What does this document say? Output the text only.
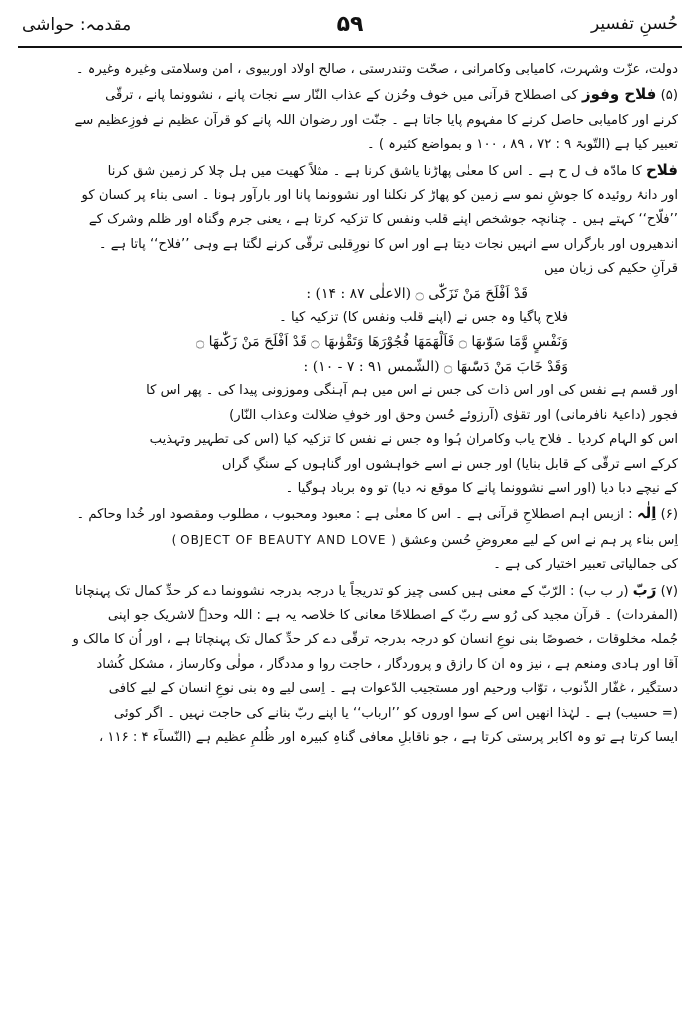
حُسنِ تفسیر
۵۹
مقدمہ: حواشی

دولت، عزّت وشہرت، کامیابی وکامرانی ، صحّت وتندرستی ، صالح اولاد اوربیوی ، امن وسلامتی وغیرہ وغیرہ ۔

(۵) فلاح وفوز کی اصطلاح قرآنی میں خوف وحُزن کے عذاب النّار سے نجات پانے ، نشوونما پانے ، ترقّی

کرنے اور کامیابی حاصل کرنے کا مفہوم پایا جاتا ہے ۔ جنّت اور رضوان اللہ پانے کو قرآن عظیم نے فوزِعظیم سے

تعبیر کیا ہے (التّوبۃ ۹ : ۷۲ ، ۸۹ ، ۱۰۰ و بمواضع کثیرہ ) ۔

فلاح کا مادّہ ف ل ح ہے ۔ اس کا معنٰی پھاڑنا یاشق کرنا ہے ۔ مثلاً کھیت میں ہل چلا کر زمین شق کرنا

اور دانۂ روئیدہ کا جوشِ نمو سے زمین کو پھاڑ کر نکلنا اور نشوونما پانا اور بارآور ہونا ۔ اسی بناء پر کسان کو

’’فلّاح‘‘ کہتے ہیں ۔ چنانچہ جوشخص اپنے قلب ونفس کا تزکیہ کرتا ہے ، یعنی جرم وگناہ اور ظلم وشرک کے

اندھیروں اور بارگراں سے انہیں نجات دیتا ہے اور اس کا نورِقلبی ترقّی کرنے لگتا ہے وہی ’’فلاح‘‘ پاتا ہے ۔

قرآنِ حکیم کی زبان میں

قَدْ اَفْلَحَ مَنْ تَزَكّٰى ۝ (الاعلٰی ۸۷ : ۱۴) :

فلاح پاگیا وہ جس نے (اپنے قلب ونفس کا) تزکیہ کیا ۔

وَنَفْسٍ وَّمَا سَوّٰىهَا ۝ فَاَلْهَمَهَا فُجُوْرَهَا وَتَقْوٰىهَا ۝ قَدْ اَفْلَحَ مَنْ زَكّٰىهَا ۝

وَقَدْ خَابَ مَنْ دَسّٰىهَا ۝ (الشّمس ۹۱ : ۷ - ۱۰) :

اور قسم ہے نفس کی اور اس ذات کی جس نے اس میں ہم آہنگی وموزونی پیدا کی ۔ پھر اس کا

فجور (داعیۂ نافرمانی) اور تقوٰی (آرزوئے حُسن وحق اور خوفِ ضلالت وعذاب النّار)

اس کو الہام کردیا ۔ فلاح یاب وکامران ہُوا وہ جس نے نفس کا تزکیہ کیا (اس کی تطہیر وتہذیب

کرکے اسے ترقّی کے قابل بنایا) اور جس نے اسے خواہشوں اور گناہوں کے سنگِ گراں

کے نیچے دبا دیا (اور اسے نشوونما پانے کا موقع نہ دیا) تو وہ برباد ہوگیا ۔

(۶) اِلٰہ : ازبس اہم اصطلاحِ قرآنی ہے ۔ اس کا معنٰی ہے : معبود ومحبوب ، مطلوب ومقصود اور خُدا وحاکم ۔

اِس بناء پر ہم نے اس کے لیے معروضِ حُسن وعشق ( OBJECT OF BEAUTY AND LOVE )

کی جمالیاتی تعبیر اختیار کی ہے ۔

(۷) رَبّ (ر ب ب) : الرّبّ کے معنی ہیں کسی چیز کو تدریجاً یا درجہ بدرجہ نشوونما دے کر حدِّ کمال تک پہنچانا

(المفردات) ۔ قرآن مجید کی رُو سے ربّ کے اصطلاحًا معانی کا خلاصہ یہ ہے : اللہ وحدہٗ لاشریک جو اپنی

جُملہ مخلوقات ، خصوصًا بنی نوعِ انسان کو درجہ بدرجہ ترقّی دے کر حدِّ کمال تک پہنچاتا ہے ، اور اُن کا مالک و

آقا اور ہادی ومنعم ہے ، نیز وہ ان کا رازق و پروردگار ، حاجت روا و مددگار ، مولٰی وکارساز ، مشکل کُشاد

دستگیر ، غفّار الذّنوب ، توّاب ورحیم اور مستجیب الدّعوات ہے ۔ اِسی لیے وہ بنی نوعِ انسان کے لیے کافی

(= حسیب) ہے ۔ لہٰذا انھیں اس کے سوا اوروں کو ’’ارباب‘‘ یا اپنے ربّ بنانے کی حاجت نہیں ۔ اگر کوئی

ایسا کرتا ہے تو وہ اکابر پرستی کرتا ہے ، جو ناقابلِ معافی گناہِ کبیرہ اور ظُلمِ عظیم ہے (النّسآء ۴ : ۱۱۶ ،
